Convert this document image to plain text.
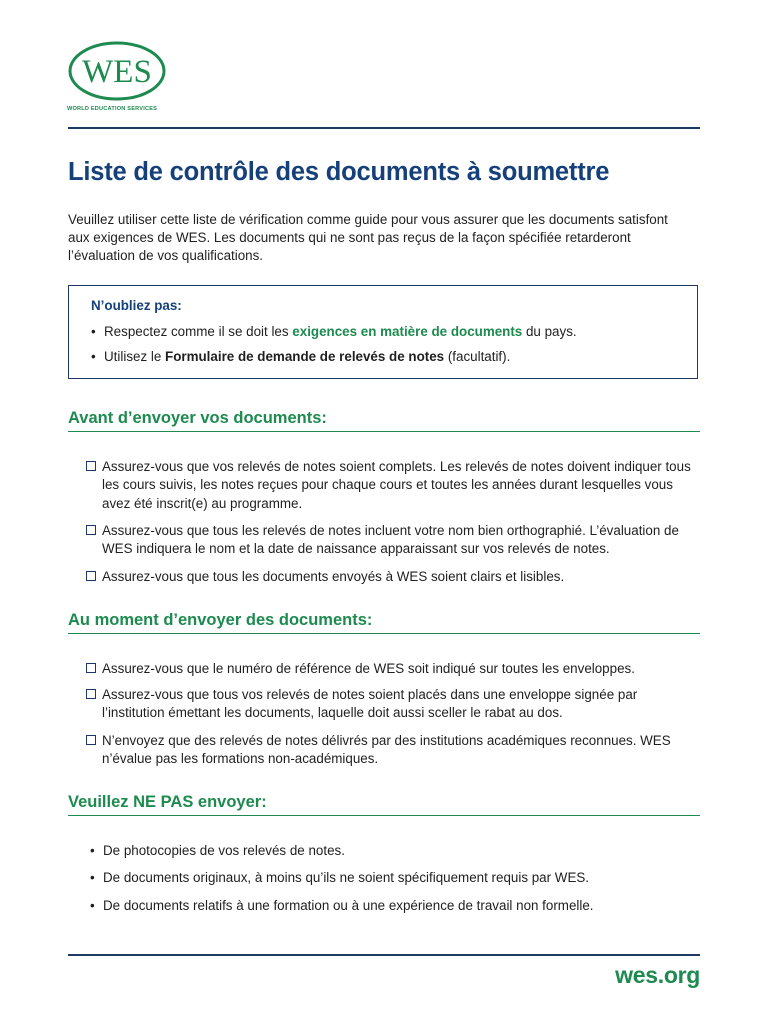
WES
WORLD EDUCATION SERVICES
Liste de contrôle des documents à soumettre

Veuillez utiliser cette liste de vérification comme guide pour vous assurer que les documents satisfont aux exigences de WES. Les documents qui ne sont pas reçus de la façon spécifiée retarderont l’évaluation de vos qualifications.

N’oubliez pas:
• Respectez comme il se doit les exigences en matière de documents du pays.
• Utilisez le Formulaire de demande de relevés de notes (facultatif).
Avant d’envoyer vos documents:
Assurez-vous que vos relevés de notes soient complets. Les relevés de notes doivent indiquer tous les cours suivis, les notes reçues pour chaque cours et toutes les années durant lesquelles vous avez été inscrit(e) au programme.
Assurez-vous que tous les relevés de notes incluent votre nom bien orthographié. L’évaluation de WES indiquera le nom et la date de naissance apparaissant sur vos relevés de notes.
Assurez-vous que tous les documents envoyés à WES soient clairs et lisibles.
Au moment d’envoyer des documents:
Assurez-vous que le numéro de référence de WES soit indiqué sur toutes les enveloppes.
Assurez-vous que tous vos relevés de notes soient placés dans une enveloppe signée par l’institution émettant les documents, laquelle doit aussi sceller le rabat au dos.
N’envoyez que des relevés de notes délivrés par des institutions académiques reconnues. WES n’évalue pas les formations non-académiques.
Veuillez NE PAS envoyer:
• De photocopies de vos relevés de notes.
• De documents originaux, à moins qu’ils ne soient spécifiquement requis par WES.
• De documents relatifs à une formation ou à une expérience de travail non formelle.
wes.org
